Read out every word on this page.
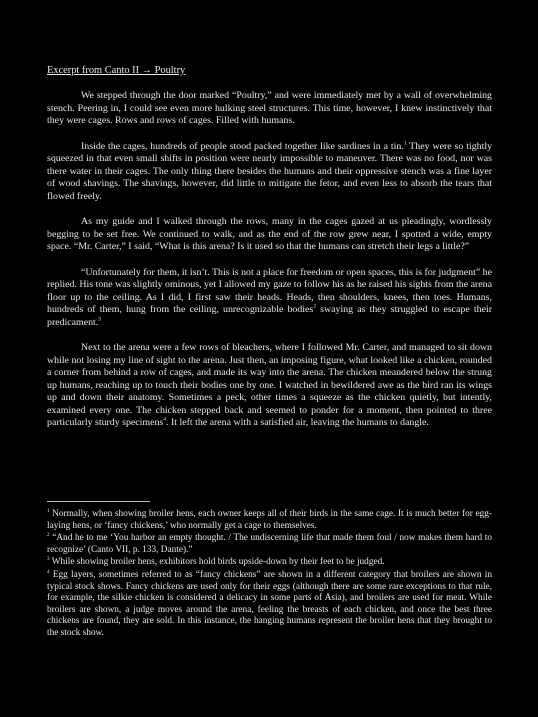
Excerpt from Canto II → Poultry

We stepped through the door marked “Poultry,” and were immediately met by a wall of overwhelming stench. Peering in, I could see even more hulking steel structures. This time, however, I knew instinctively that they were cages. Rows and rows of cages. Filled with humans.

Inside the cages, hundreds of people stood packed together like sardines in a tin.$^1$ They were so tightly squeezed in that even small shifts in position were nearly impossible to maneuver. There was no food, nor was there water in their cages. The only thing there besides the humans and their oppressive stench was a fine layer of wood shavings. The shavings, however, did little to mitigate the fetor, and even less to absorb the tears that flowed freely.

As my guide and I walked through the rows, many in the cages gazed at us pleadingly, wordlessly begging to be set free. We continued to walk, and as the end of the row grew near, I spotted a wide, empty space. “Mr. Carter,” I said, “What is this arena? Is it used so that the humans can stretch their legs a little?”

“Unfortunately for them, it isn’t. This is not a place for freedom or open spaces, this is for judgment” he replied. His tone was slightly ominous, yet I allowed my gaze to follow his as he raised his sights from the arena floor up to the ceiling. As I did, I first saw their heads. Heads, then shoulders, knees, then toes. Humans, hundreds of them, hung from the ceiling, unrecognizable bodies$^2$ swaying as they struggled to escape their predicament.$^3$

Next to the arena were a few rows of bleachers, where I followed Mr. Carter, and managed to sit down while not losing my line of sight to the arena. Just then, an imposing figure, what looked like a chicken, rounded a corner from behind a row of cages, and made its way into the arena. The chicken meandered below the strung up humans, reaching up to touch their bodies one by one. I watched in bewildered awe as the bird ran its wings up and down their anatomy. Sometimes a peck, other times a squeeze as the chicken quietly, but intently, examined every one. The chicken stepped back and seemed to ponder for a moment, then pointed to three particularly sturdy specimens$^4$. It left the arena with a satisfied air, leaving the humans to dangle.

$^1$ Normally, when showing broiler hens, each owner keeps all of their birds in the same cage. It is much better for egg-laying hens, or ‘fancy chickens,’ who normally get a cage to themselves.

$^2$ “And he to me ‘You harbor an empty thought. / The undiscerning life that made them foul / now makes them hard to recognize’ (Canto VII, p. 133, Dante).”

$^3$ While showing broiler hens, exhibitors hold birds upside-down by their feet to be judged.

$^4$ Egg layers, sometimes referred to as “fancy chickens” are shown in a different category that broilers are shown in typical stock shows. Fancy chickens are used only for their eggs (although there are some rare exceptions to that rule, for example, the silkie chicken is considered a delicacy in some parts of Asia), and broilers are used for meat. While broilers are shown, a judge moves around the arena, feeling the breasts of each chicken, and once the best three chickens are found, they are sold. In this instance, the hanging humans represent the broiler hens that they brought to the stock show.
